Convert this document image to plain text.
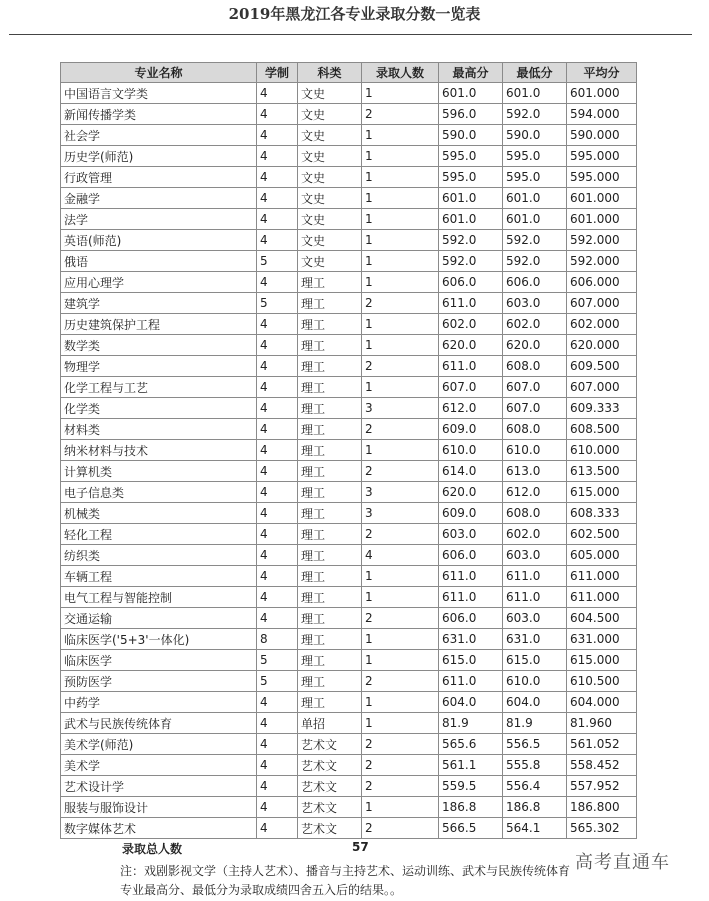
2019年黑龙江各专业录取分数一览表
专业名称	学制	科类	录取人数	最高分	最低分	平均分
中国语言文学类	4	文史	1	601.0	601.0	601.000
新闻传播学类	4	文史	2	596.0	592.0	594.000
社会学	4	文史	1	590.0	590.0	590.000
历史学(师范)	4	文史	1	595.0	595.0	595.000
行政管理	4	文史	1	595.0	595.0	595.000
金融学	4	文史	1	601.0	601.0	601.000
法学	4	文史	1	601.0	601.0	601.000
英语(师范)	4	文史	1	592.0	592.0	592.000
俄语	5	文史	1	592.0	592.0	592.000
应用心理学	4	理工	1	606.0	606.0	606.000
建筑学	5	理工	2	611.0	603.0	607.000
历史建筑保护工程	4	理工	1	602.0	602.0	602.000
数学类	4	理工	1	620.0	620.0	620.000
物理学	4	理工	2	611.0	608.0	609.500
化学工程与工艺	4	理工	1	607.0	607.0	607.000
化学类	4	理工	3	612.0	607.0	609.333
材料类	4	理工	2	609.0	608.0	608.500
纳米材料与技术	4	理工	1	610.0	610.0	610.000
计算机类	4	理工	2	614.0	613.0	613.500
电子信息类	4	理工	3	620.0	612.0	615.000
机械类	4	理工	3	609.0	608.0	608.333
轻化工程	4	理工	2	603.0	602.0	602.500
纺织类	4	理工	4	606.0	603.0	605.000
车辆工程	4	理工	1	611.0	611.0	611.000
电气工程与智能控制	4	理工	1	611.0	611.0	611.000
交通运输	4	理工	2	606.0	603.0	604.500
临床医学('5+3'一体化)	8	理工	1	631.0	631.0	631.000
临床医学	5	理工	1	615.0	615.0	615.000
预防医学	5	理工	2	611.0	610.0	610.500
中药学	4	理工	1	604.0	604.0	604.000
武术与民族传统体育	4	单招	1	81.9	81.9	81.960
美术学(师范)	4	艺术文	2	565.6	556.5	561.052
美术学	4	艺术文	2	561.1	555.8	558.452
艺术设计学	4	艺术文	2	559.5	556.4	557.952
服装与服饰设计	4	艺术文	1	186.8	186.8	186.800
数字媒体艺术	4	艺术文	2	566.5	564.1	565.302
录取总人数	57
注：戏剧影视文学（主持人艺术）、播音与主持艺术、运动训练、武术与民族传统体育专业最高分、最低分为录取成绩四舍五入后的结果。。
高考直通车
